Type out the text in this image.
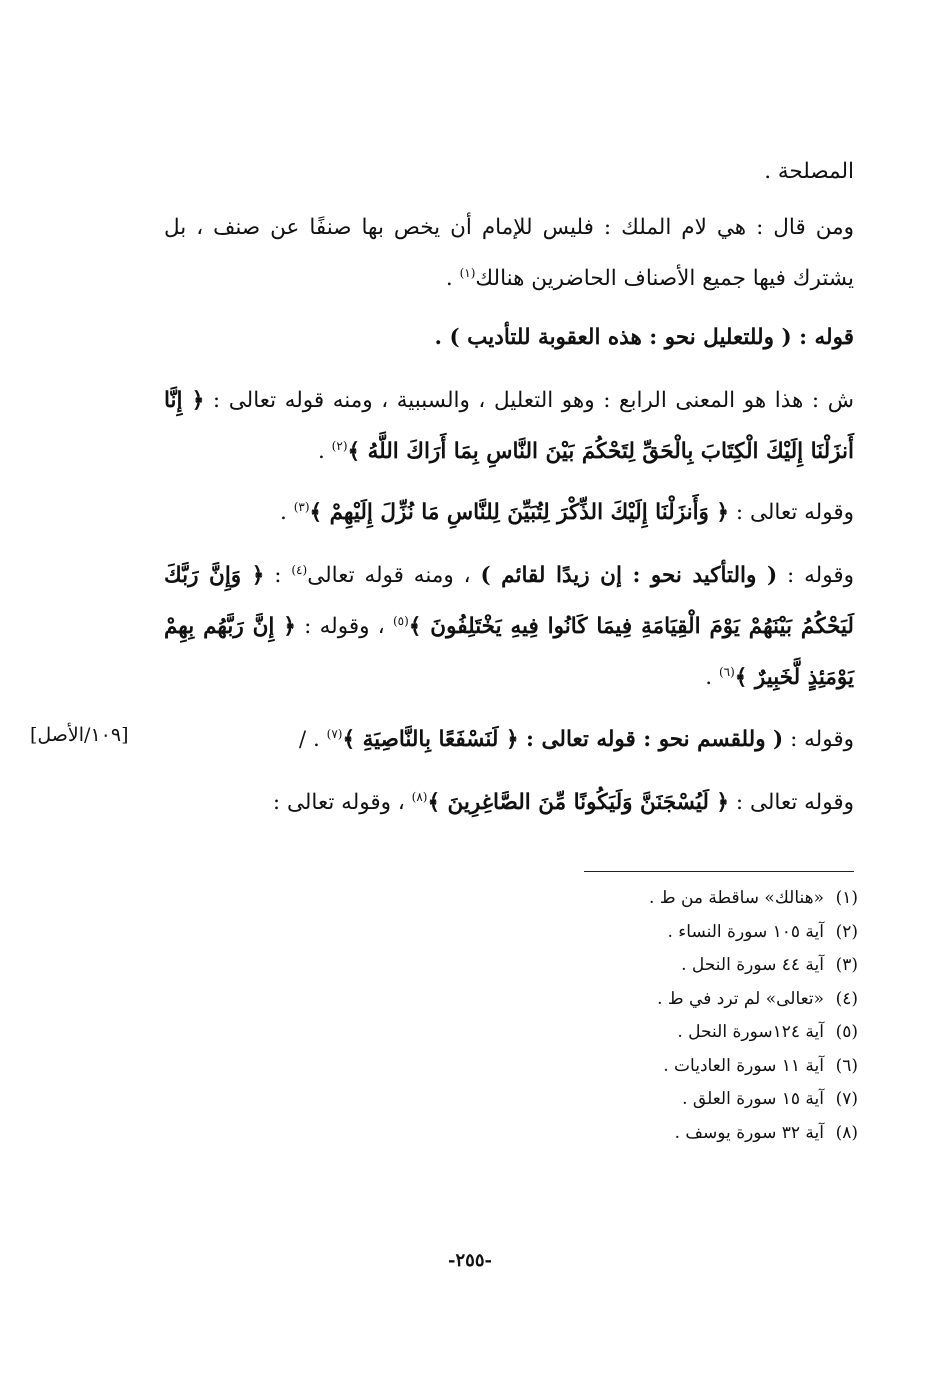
المصلحة .

ومن قال : هي لام الملك : فليس للإمام أن يخص بها صنفًا عن صنف ، بل يشترك فيها جميع الأصناف الحاضرين هنالك$^{(١)}$ .

قوله : ( وللتعليل نحو : هذه العقوبة للتأديب ) .

ش : هذا هو المعنى الرابع : وهو التعليل ، والسببية ، ومنه قوله تعالى : ﴿ إِنَّا أَنزَلْنَا إِلَيْكَ الْكِتَابَ بِالْحَقِّ لِتَحْكُمَ بَيْنَ النَّاسِ بِمَا أَرَاكَ اللَّهُ ﴾$^{(٢)}$ .

وقوله تعالى : ﴿ وَأَنزَلْنَا إِلَيْكَ الذِّكْرَ لِتُبَيِّنَ لِلنَّاسِ مَا نُزِّلَ إِلَيْهِمْ ﴾$^{(٣)}$ .

وقوله : ( والتأكيد نحو : إن زيدًا لقائم ) ، ومنه قوله تعالى$^{(٤)}$ : ﴿ وَإِنَّ رَبَّكَ لَيَحْكُمُ بَيْنَهُمْ يَوْمَ الْقِيَامَةِ فِيمَا كَانُوا فِيهِ يَخْتَلِفُونَ ﴾$^{(٥)}$ ، وقوله : ﴿ إِنَّ رَبَّهُم بِهِمْ يَوْمَئِذٍ لَّخَبِيرٌ ﴾$^{(٦)}$ .

وقوله : ( وللقسم نحو : قوله تعالى : ﴿ لَنَسْفَعًا بِالنَّاصِيَةِ ﴾$^{(٧)}$ . /

[١٠٩/الأصل]

وقوله تعالى : ﴿ لَيُسْجَنَنَّ وَلَيَكُونًا مِّنَ الصَّاغِرِينَ ﴾$^{(٨)}$ ، وقوله تعالى :

(١)«هنالك» ساقطة من ط .
(٢)آية ١٠٥ سورة النساء .
(٣)آية ٤٤ سورة النحل .
(٤)«تعالى» لم ترد في ط .
(٥)آية ١٢٤سورة النحل .
(٦)آية ١١ سورة العاديات .
(٧)آية ١٥ سورة العلق .
(٨)آية ٣٢ سورة يوسف .
-٢٥٥-
